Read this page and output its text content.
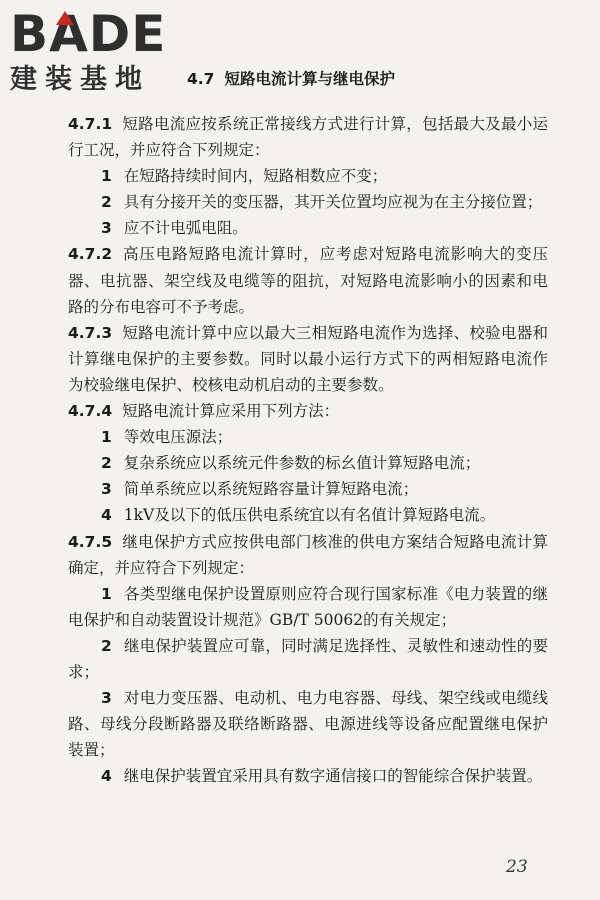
BADE
建装基地 4.7 短路电流计算与继电保护

4.7.1 短路电流应按系统正常接线方式进行计算，包括最大及最小运行工况，并应符合下列规定：

1 在短路持续时间内，短路相数应不变；

2 具有分接开关的变压器，其开关位置均应视为在主分接位置；

3 应不计电弧电阻。

4.7.2 高压电路短路电流计算时，应考虑对短路电流影响大的变压器、电抗器、架空线及电缆等的阻抗，对短路电流影响小的因素和电路的分布电容可不予考虑。

4.7.3 短路电流计算中应以最大三相短路电流作为选择、校验电器和计算继电保护的主要参数。同时以最小运行方式下的两相短路电流作为校验继电保护、校核电动机启动的主要参数。

4.7.4 短路电流计算应采用下列方法：

1 等效电压源法；

2 复杂系统应以系统元件参数的标幺值计算短路电流；

3 简单系统应以系统短路容量计算短路电流；

4 1kV及以下的低压供电系统宜以有名值计算短路电流。

4.7.5 继电保护方式应按供电部门核准的供电方案结合短路电流计算确定，并应符合下列规定：

1 各类型继电保护设置原则应符合现行国家标准《电力装置的继电保护和自动装置设计规范》GB/T 50062的有关规定；

2 继电保护装置应可靠，同时满足选择性、灵敏性和速动性的要求；

3 对电力变压器、电动机、电力电容器、母线、架空线或电缆线路、母线分段断路器及联络断路器、电源进线等设备应配置继电保护装置；

4 继电保护装置宜采用具有数字通信接口的智能综合保护装置。

23
